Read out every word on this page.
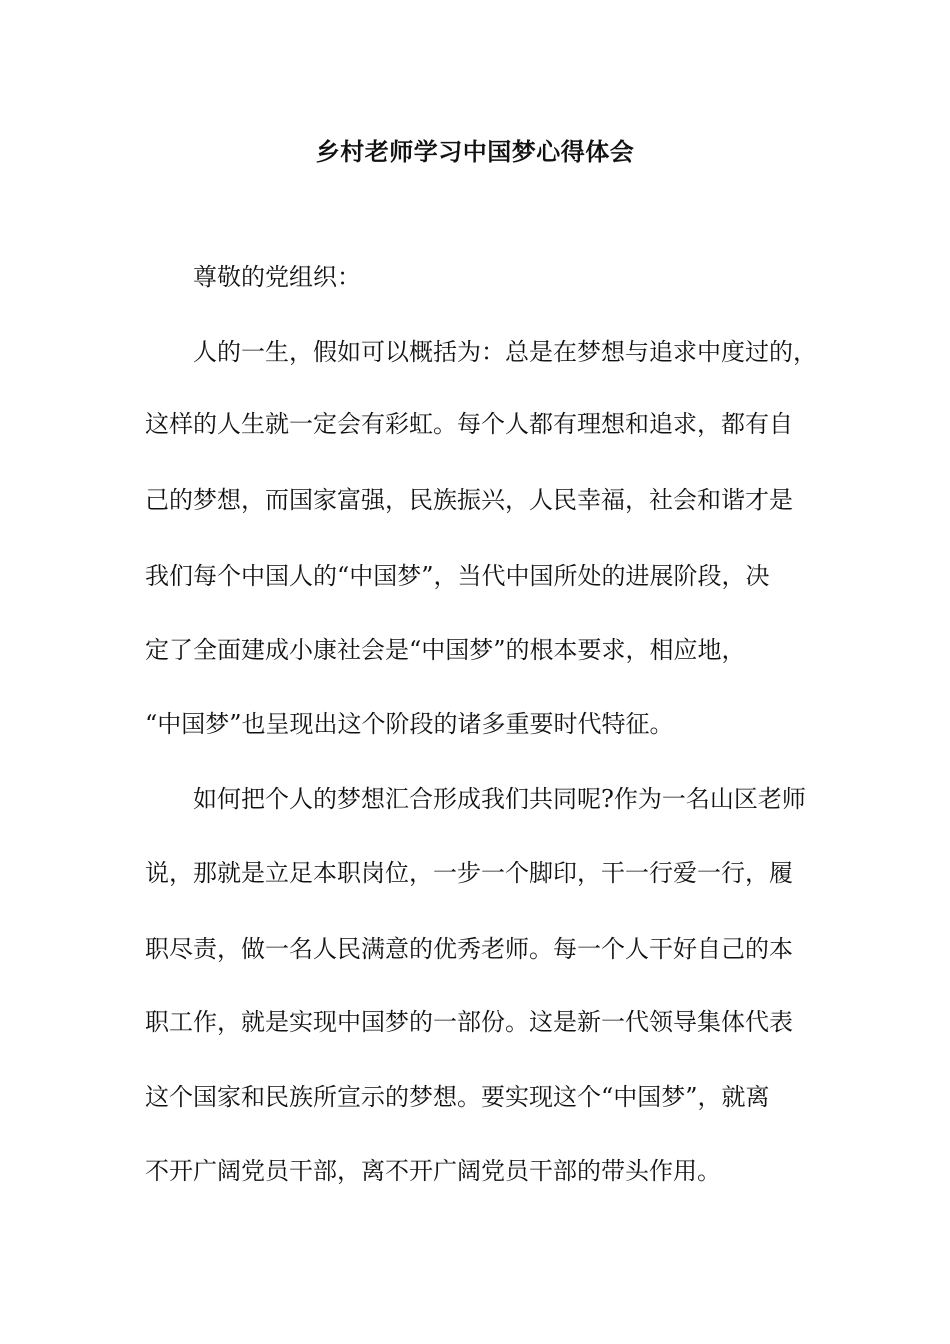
乡村老师学习中国梦心得体会
尊敬的党组织：
人的一生，假如可以概括为：总是在梦想与追求中度过的，
这样的人生就一定会有彩虹。每个人都有理想和追求，都有自
己的梦想，而国家富强，民族振兴，人民幸福，社会和谐才是
我们每个中国人的“中国梦”，当代中国所处的进展阶段，决
定了全面建成小康社会是“中国梦”的根本要求，相应地，
“中国梦”也呈现出这个阶段的诸多重要时代特征。
如何把个人的梦想汇合形成我们共同呢?作为一名山区老师
说，那就是立足本职岗位，一步一个脚印，干一行爱一行，履
职尽责，做一名人民满意的优秀老师。每一个人干好自己的本
职工作，就是实现中国梦的一部份。这是新一代领导集体代表
这个国家和民族所宣示的梦想。要实现这个“中国梦”，就离
不开广阔党员干部，离不开广阔党员干部的带头作用。
